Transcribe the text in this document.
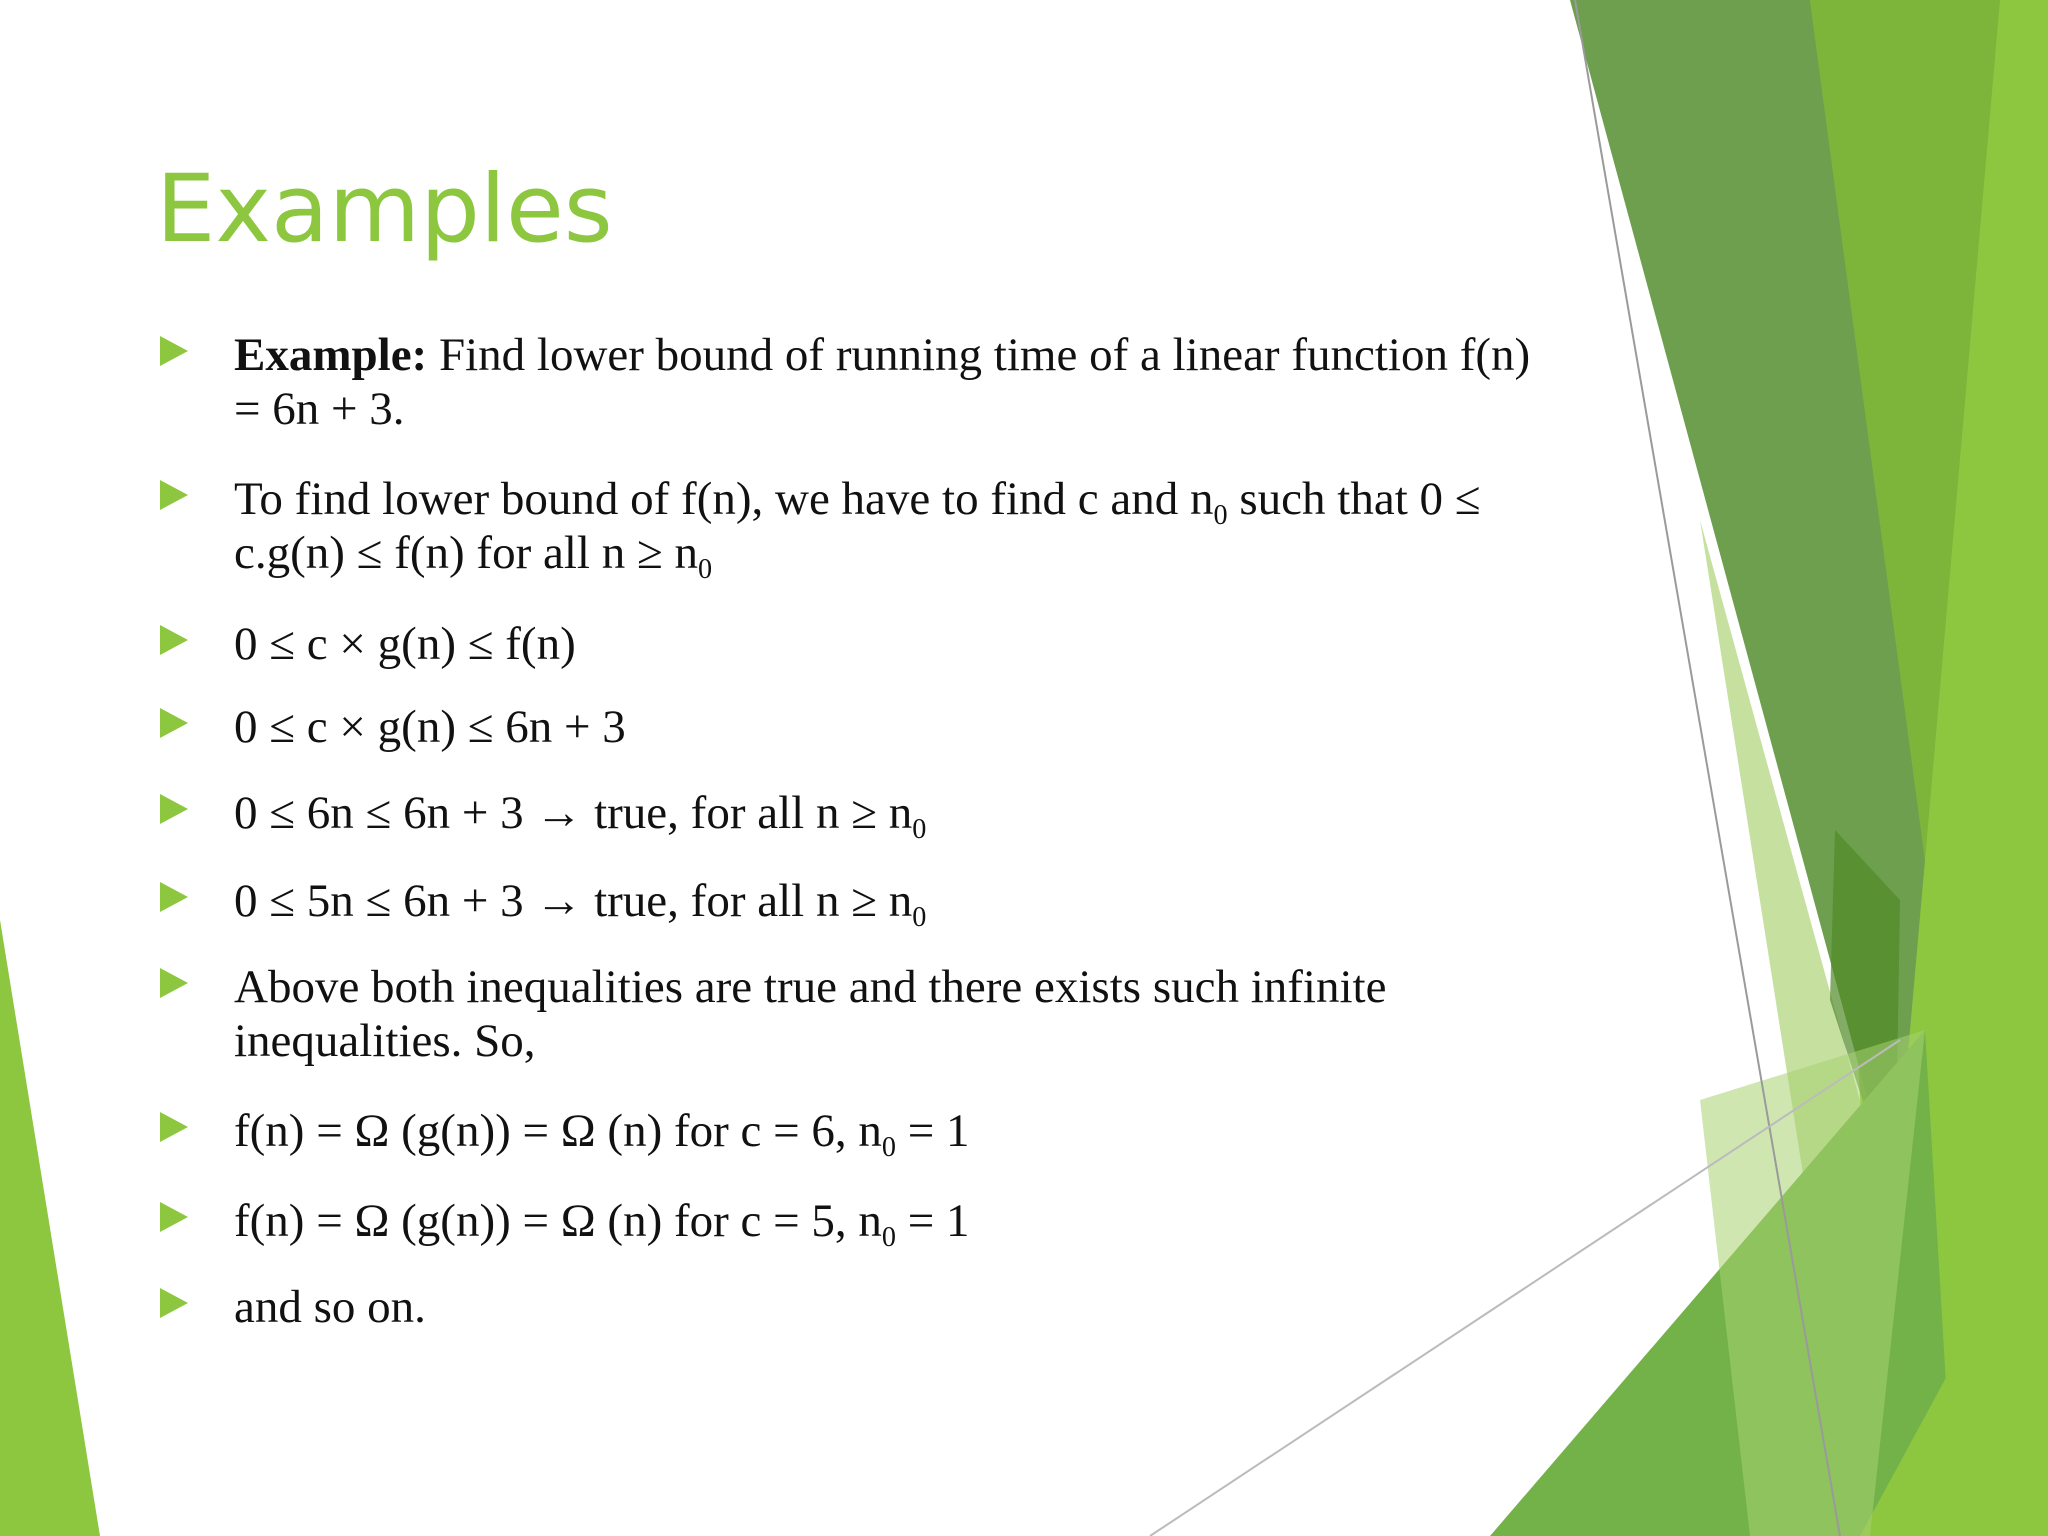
Examples
Example: Find lower bound of running time of a linear function f(n) = 6n + 3.
To find lower bound of f(n), we have to find c and $n_0$ such that 0 ≤ c.g(n) ≤ f(n) for all $n \ge n_0$
0 ≤ c × g(n) ≤ f(n)
0 ≤ c × g(n) ≤ 6n + 3
0 ≤ 6n ≤ 6n + 3 → true, for all $n \ge n_0$
0 ≤ 5n ≤ 6n + 3 → true, for all $n \ge n_0$
Above both inequalities are true and there exists such infinite inequalities. So,
f(n) = Ω (g(n)) = Ω (n) for c = 6, $n_0 = 1$
f(n) = Ω (g(n)) = Ω (n) for c = 5, $n_0 = 1$
and so on.
